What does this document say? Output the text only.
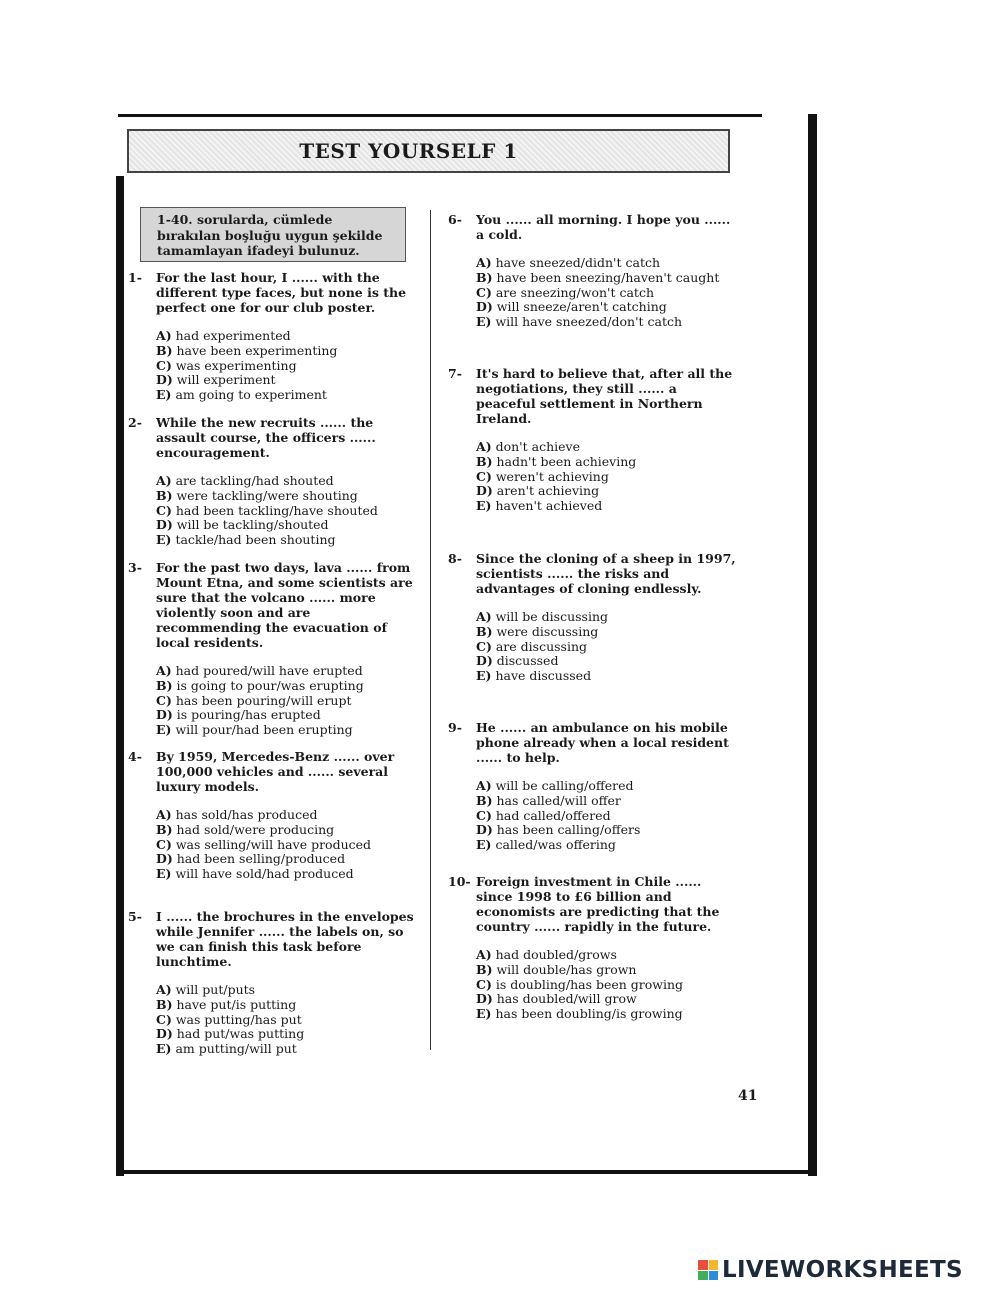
TEST YOURSELF 1
1-40. sorularda, cümlede bırakılan boşluğu uygun şekilde tamamlayan ifadeyi bulunuz.
1- For the last hour, I ...... with the different type faces, but none is the perfect one for our club poster.
A) had experimented
B) have been experimenting
C) was experimenting
D) will experiment
E) am going to experiment
2- While the new recruits ...... the assault course, the officers ...... encouragement.
A) are tackling/had shouted
B) were tackling/were shouting
C) had been tackling/have shouted
D) will be tackling/shouted
E) tackle/had been shouting
3- For the past two days, lava ...... from Mount Etna, and some scientists are sure that the volcano ...... more violently soon and are recommending the evacuation of local residents.
A) had poured/will have erupted
B) is going to pour/was erupting
C) has been pouring/will erupt
D) is pouring/has erupted
E) will pour/had been erupting
4- By 1959, Mercedes-Benz ...... over 100,000 vehicles and ...... several luxury models.
A) has sold/has produced
B) had sold/were producing
C) was selling/will have produced
D) had been selling/produced
E) will have sold/had produced
5- I ...... the brochures in the envelopes while Jennifer ...... the labels on, so we can finish this task before lunchtime.
A) will put/puts
B) have put/is putting
C) was putting/has put
D) had put/was putting
E) am putting/will put
6- You ...... all morning. I hope you ...... a cold.
A) have sneezed/didn't catch
B) have been sneezing/haven't caught
C) are sneezing/won't catch
D) will sneeze/aren't catching
E) will have sneezed/don't catch
7- It's hard to believe that, after all the negotiations, they still ...... a peaceful settlement in Northern Ireland.
A) don't achieve
B) hadn't been achieving
C) weren't achieving
D) aren't achieving
E) haven't achieved
8- Since the cloning of a sheep in 1997, scientists ...... the risks and advantages of cloning endlessly.
A) will be discussing
B) were discussing
C) are discussing
D) discussed
E) have discussed
9- He ...... an ambulance on his mobile phone already when a local resident ...... to help.
A) will be calling/offered
B) has called/will offer
C) had called/offered
D) has been calling/offers
E) called/was offering
10- Foreign investment in Chile ...... since 1998 to £6 billion and economists are predicting that the country ...... rapidly in the future.
A) had doubled/grows
B) will double/has grown
C) is doubling/has been growing
D) has doubled/will grow
E) has been doubling/is growing
41
LIVEWORKSHEETS
